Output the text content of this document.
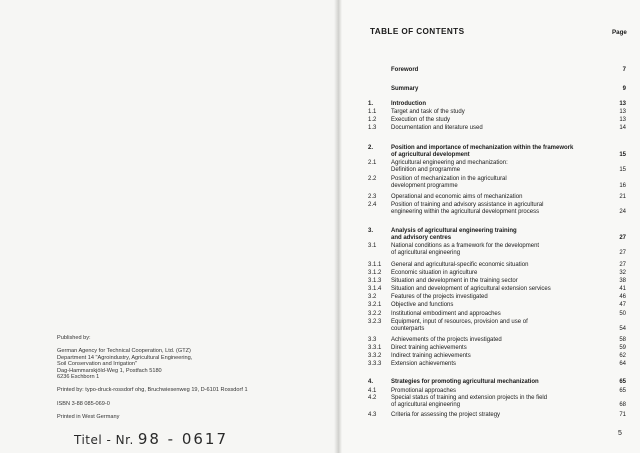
Published by:
German Agency for Technical Cooperation, Ltd. (GTZ)
Department 14 "Agroindustry, Agricultural Engineering,
Soil Conservation and Irrigation"
Dag-Hammarskjöld-Weg 1, Postfach 5180
6236 Eschborn 1
Printed by: typo-druck-rossdorf ohg, Bruchwiesenweg 19, D-6101 Rossdorf 1
ISBN 3-88 085-069-0
Printed in West Germany
Titel - Nr. 98 - 0617
TABLE OF CONTENTS	Page
Foreword	7
Summary	9
1.	Introduction	13
1.1 Target and task of the study	13
1.2 Execution of the study	13
1.3 Documentation and literature used	14
2.	Position and importance of mechanization within the framework
of agricultural development	15
2.1 Agricultural engineering and mechanization:
Definition and programme	15
2.2 Position of mechanization in the agricultural
development programme	16
2.3 Operational and economic aims of mechanization	21
2.4 Position of training and advisory assistance in agricultural
engineering within the agricultural development process	24
3.	Analysis of agricultural engineering training
and advisory centres	27
3.1 National conditions as a framework for the development
of agricultural engineering	27
3.1.1 General and agricultural-specific economic situation	27
3.1.2 Economic situation in agriculture	32
3.1.3 Situation and development in the training sector	38
3.1.4 Situation and development of agricultural extension services	41
3.2 Features of the projects investigated	46
3.2.1 Objective and functions	47
3.2.2 Institutional embodiment and approaches	50
3.2.3 Equipment, input of resources, provision and use of
counterparts	54
3.3 Achievements of the projects investigated	58
3.3.1 Direct training achievements	59
3.3.2 Indirect training achievements	62
3.3.3 Extension achievements	64
4.	Strategies for promoting agricultural mechanization	65
4.1 Promotional approaches	65
4.2 Special status of training and extension projects in the field
of agricultural engineering	68
4.3 Criteria for assessing the project strategy	71
5
